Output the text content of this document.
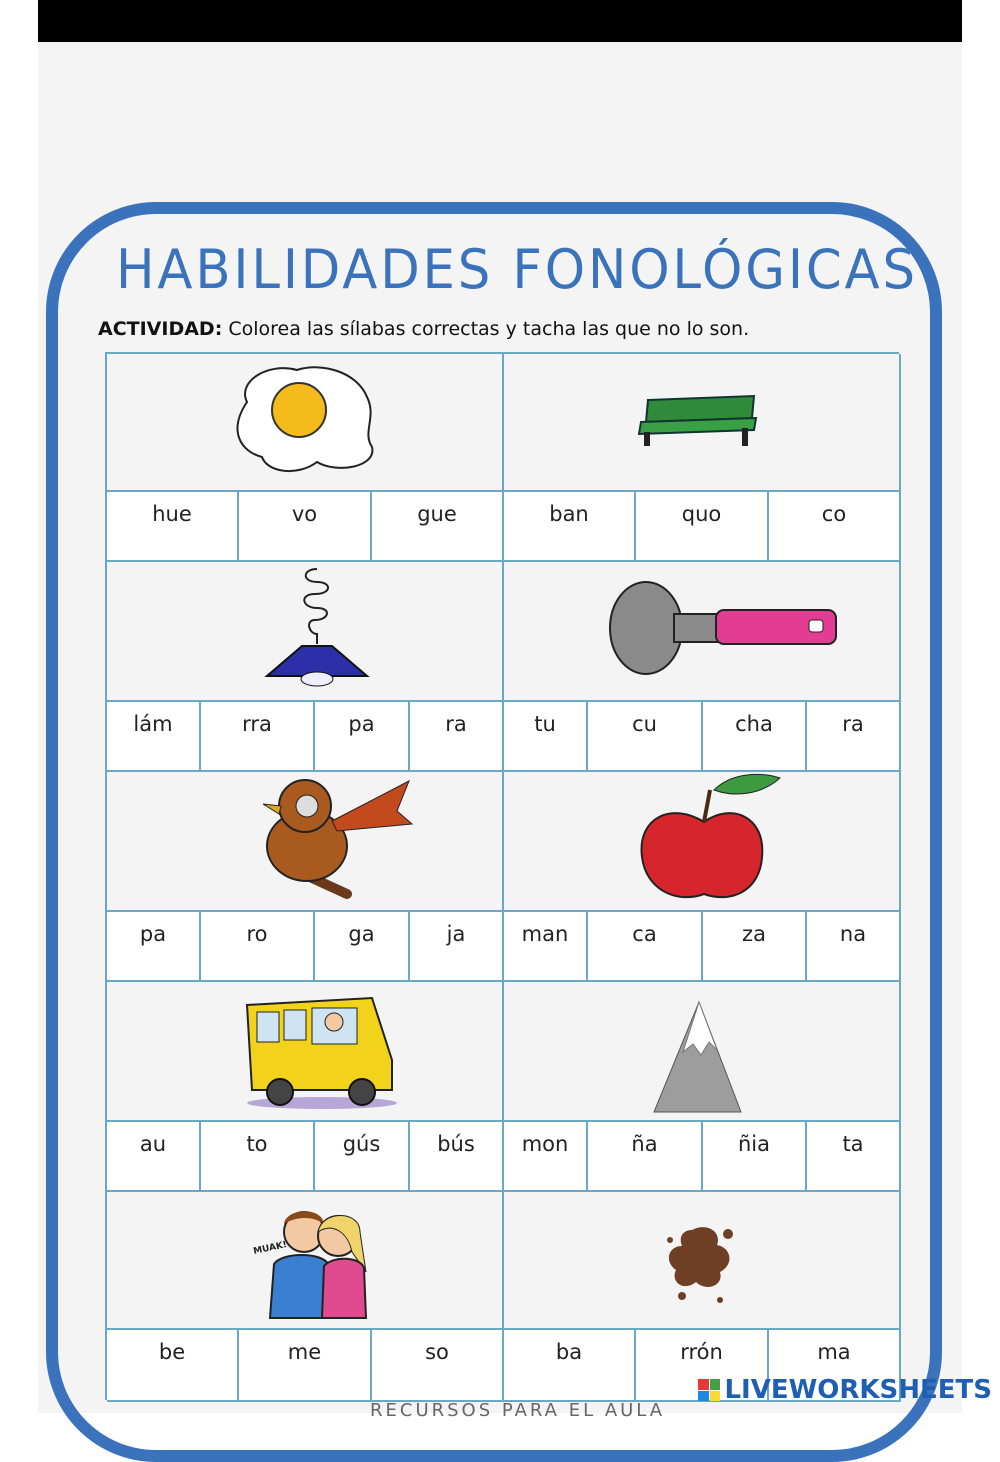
HABILIDADES FONOLÓGICAS
ACTIVIDAD: Colorea las sílabas correctas y tacha las que no lo son.
hue	vo	gue	ban	quo	co
lám	rra	pa	ra	tu	cu	cha	ra
pa	ro	ga	ja	man	ca	za	na
au	to	gús	bús	mon	ña	ñia	ta
MUAK!
be	me	so	ba	rrón	ma
RECURSOS PARA EL AULA
LIVEWORKSHEETS
